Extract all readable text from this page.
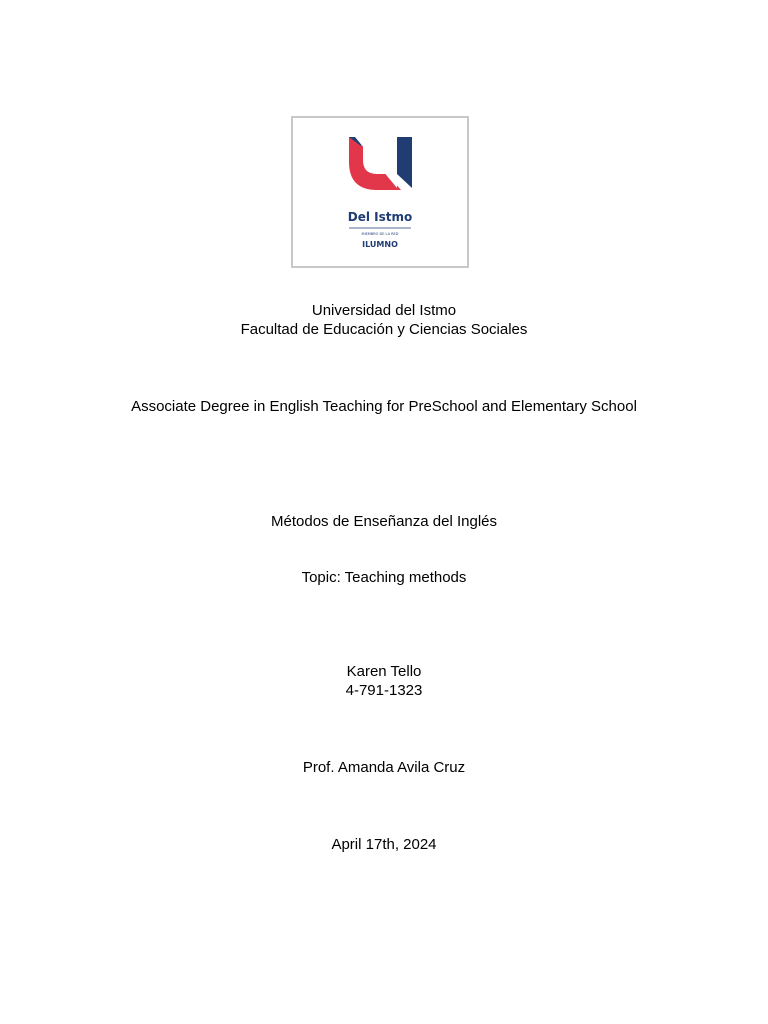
Del Istmo
MIEMBRO DE LA RED
ILUMNO
Universidad del Istmo
Facultad de Educación y Ciencias Sociales
Associate Degree in English Teaching for PreSchool and Elementary School
Métodos de Enseñanza del Inglés
Topic: Teaching methods
Karen Tello
4-791-1323
Prof. Amanda Avila Cruz
April 17th, 2024
